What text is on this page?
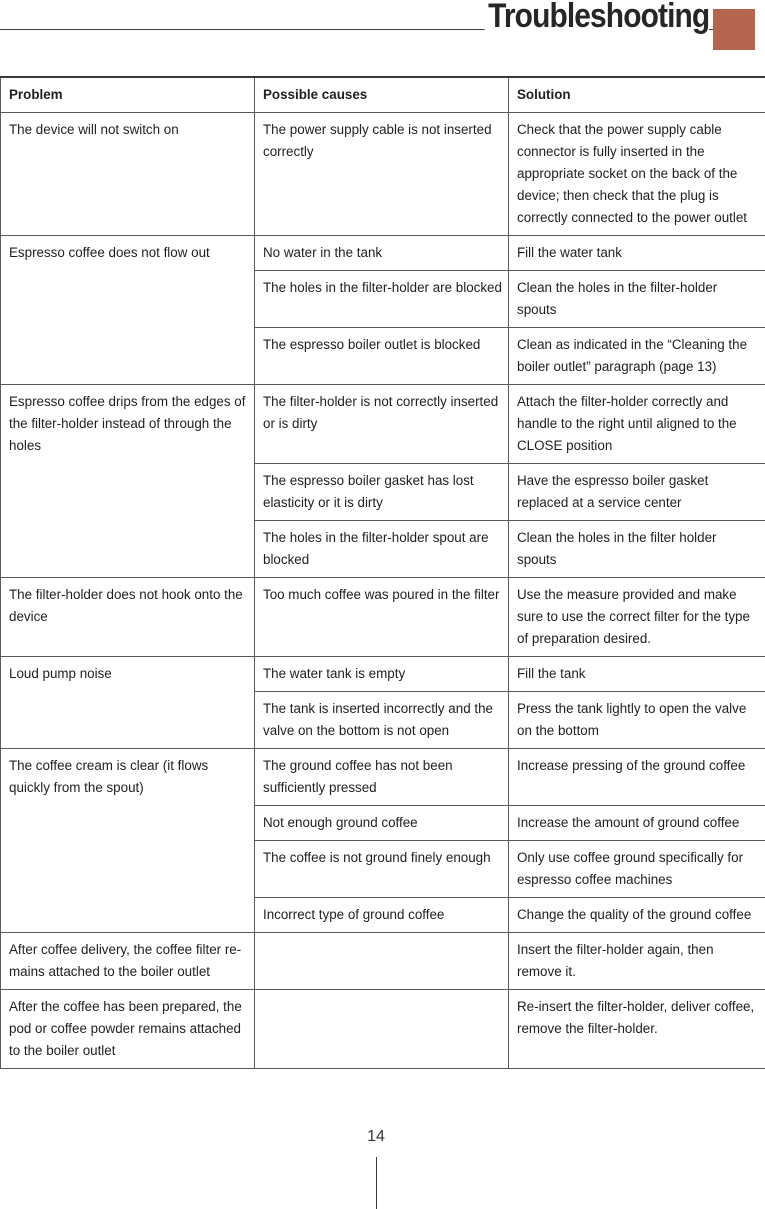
Troubleshooting
Problem	Possible causes	Solution
The device will not switch on	The power supply cable is not inserted correctly	Check that the power supply cable connector is fully inserted in the appropriate socket on the back of the device; then check that the plug is correctly connected to the power outlet
Espresso coffee does not flow out	No water in the tank	Fill the water tank
	The holes in the filter-holder are blocked	Clean the holes in the filter-holder spouts
	The espresso boiler outlet is blocked	Clean as indicated in the “Cleaning the boiler outlet” paragraph (page 13)
Espresso coffee drips from the edges of the filter-holder instead of through the holes	The filter-holder is not correctly inserted or is dirty	Attach the filter-holder correctly and handle to the right until aligned to the CLOSE position
	The espresso boiler gasket has lost elasticity or it is dirty	Have the espresso boiler gasket replaced at a service center
	The holes in the filter-holder spout are blocked	Clean the holes in the filter holder spouts
The filter-holder does not hook onto the device	Too much coffee was poured in the filter	Use the measure provided and make sure to use the correct filter for the type of preparation desired.
Loud pump noise	The water tank is empty	Fill the tank
	The tank is inserted incorrectly and the valve on the bottom is not open	Press the tank lightly to open the valve on the bottom
The coffee cream is clear (it flows quickly from the spout)	The ground coffee has not been sufficiently pressed	Increase pressing of the ground coffee
	Not enough ground coffee	Increase the amount of ground coffee
	The coffee is not ground finely enough	Only use coffee ground specifically for espresso coffee machines
	Incorrect type of ground coffee	Change the quality of the ground coffee
After coffee delivery, the coffee filter re-mains attached to the boiler outlet		Insert the filter-holder again, then remove it.
After the coffee has been prepared, the pod or coffee powder remains attached to the boiler outlet		Re-insert the filter-holder, deliver coffee, remove the filter-holder.
14
